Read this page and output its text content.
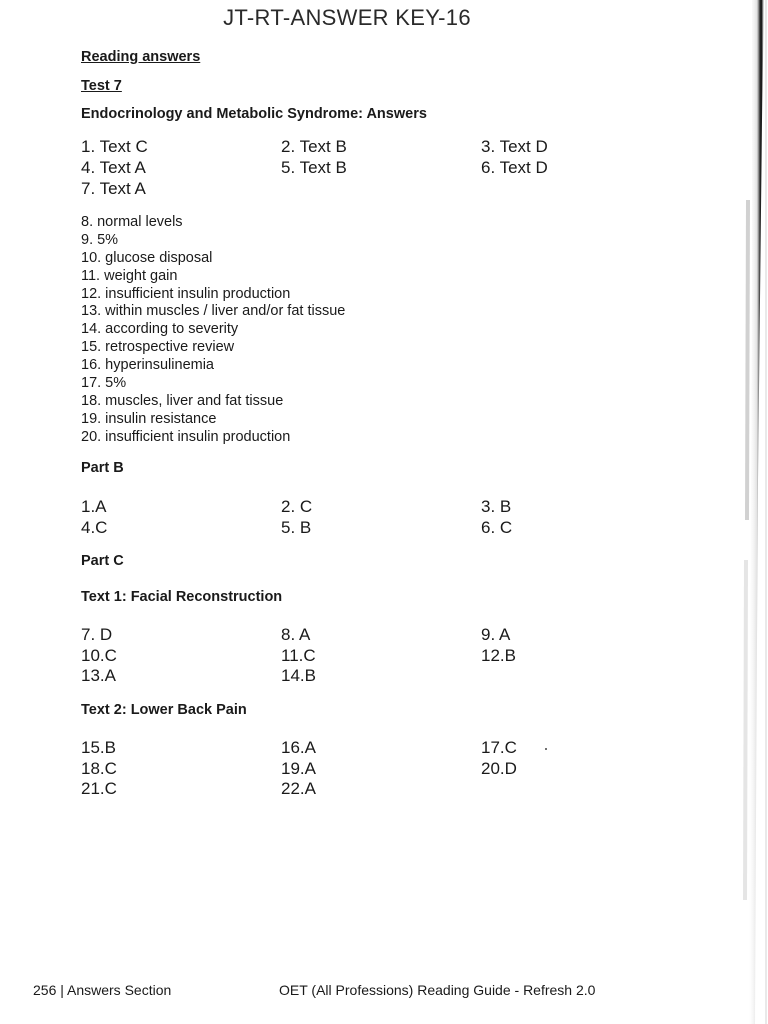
JT-RT-ANSWER KEY-16
Reading answers
Test 7
Endocrinology and Metabolic Syndrome: Answers
1. Text C	2. Text B	3. Text D
4. Text A	5. Text B	6. Text D
7. Text A
8. normal levels
9. 5%
10. glucose disposal
11. weight gain
12. insufficient insulin production
13. within muscles / liver and/or fat tissue
14. according to severity
15. retrospective review
16. hyperinsulinemia
17. 5%
18. muscles, liver and fat tissue
19. insulin resistance
20. insufficient insulin production
Part B
1.A	2. C	3. B
4.C	5. B	6. C
Part C
Text 1: Facial Reconstruction
7. D	8. A	9. A
10.C	11.C	12.B
13.A	14.B
Text 2: Lower Back Pain
15.B	16.A	17.C
18.C	19.A	20.D
21.C	22.A
256 | Answers Section	OET (All Professions) Reading Guide - Refresh 2.0
